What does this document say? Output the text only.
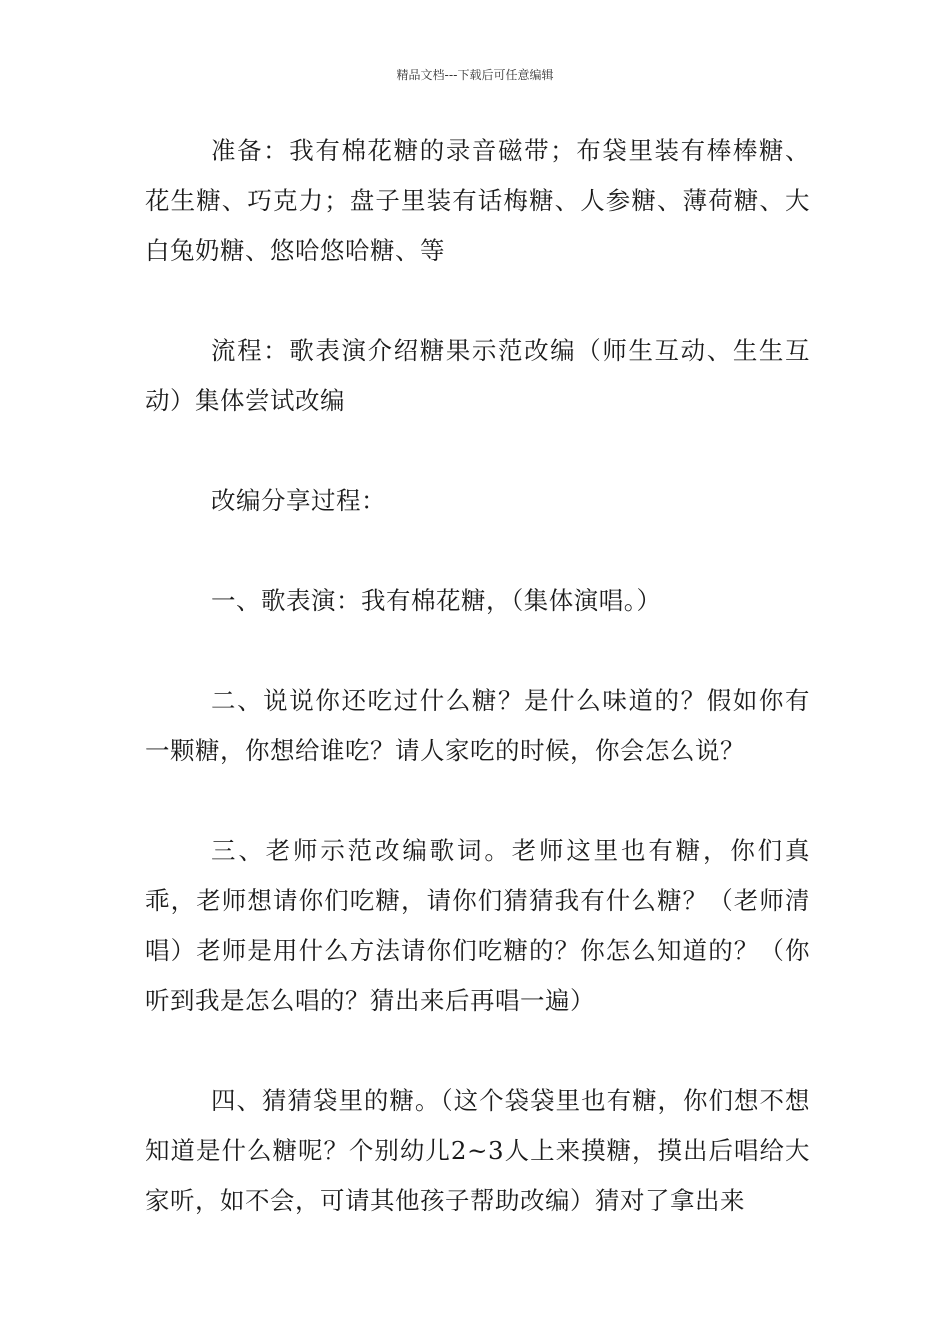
精品文档---下载后可任意编辑

准备：我有棉花糖的录音磁带；布袋里装有棒棒糖、花生糖、巧克力；盘子里装有话梅糖、人参糖、薄荷糖、大白兔奶糖、悠哈悠哈糖、等

流程：歌表演介绍糖果示范改编（师生互动、生生互动）集体尝试改编

改编分享过程：

一、歌表演：我有棉花糖，（集体演唱。）

二、说说你还吃过什么糖？是什么味道的？假如你有一颗糖，你想给谁吃？请人家吃的时候，你会怎么说？

三、老师示范改编歌词。老师这里也有糖，你们真乖，老师想请你们吃糖，请你们猜猜我有什么糖？（老师清唱）老师是用什么方法请你们吃糖的？你怎么知道的？（你听到我是怎么唱的？猜出来后再唱一遍）

四、猜猜袋里的糖。（这个袋袋里也有糖，你们想不想知道是什么糖呢？个别幼儿2~3人上来摸糖，摸出后唱给大家听，如不会，可请其他孩子帮助改编）猜对了拿出来
